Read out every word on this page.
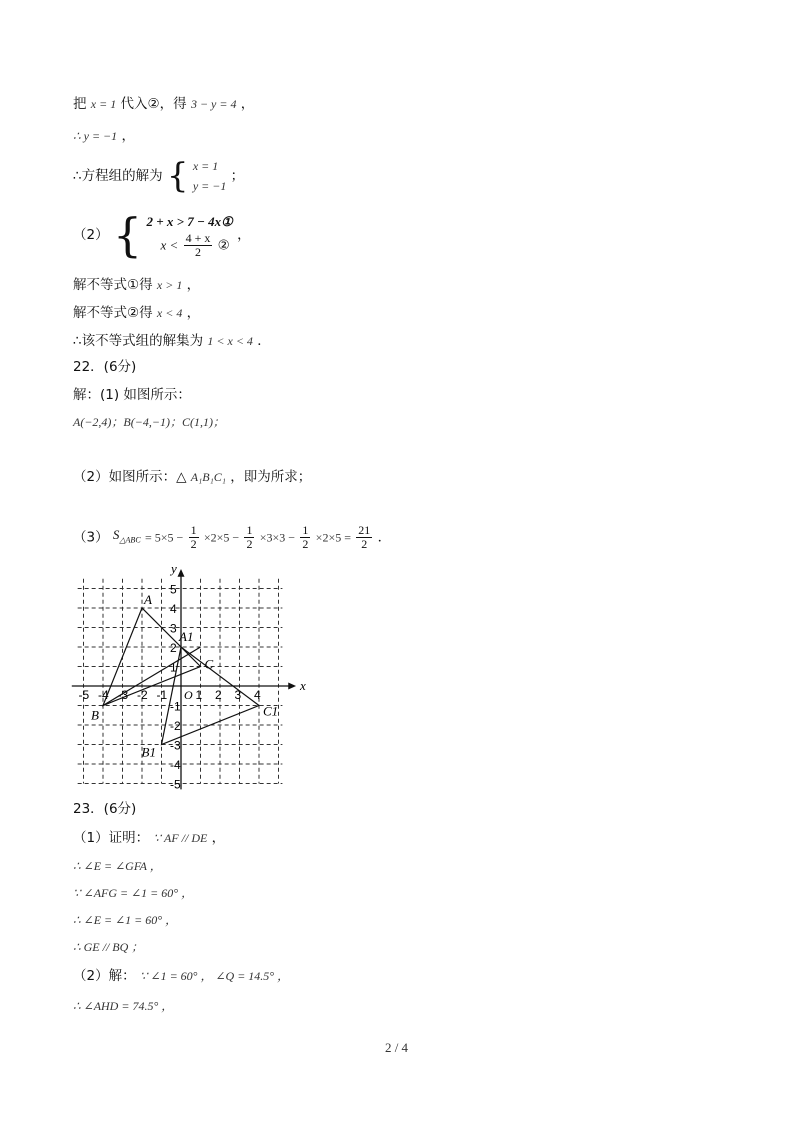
把 x = 1 代入②，得 3 − y = 4 ，
∴ y = −1 ，
∴方程组的解为 { x = 1
y = −1
；
（2） { 2 + x > 7 − 4x①
$x < \frac{4 + x}{2}$ ②
，
解不等式①得 x > 1 ，
解不等式②得 x < 4 ，
∴该不等式组的解集为 1 < x < 4 ．
22．(6分)
解：(1) 如图所示：
A(−2,4)；B(−4,−1)；C(1,1)；
（2）如图所示：△ A₁B₁C₁ ，即为所求；
（3） $S_{\triangle ABC} = 5\times 5 - \frac{1}{2} \times 2\times 5 - \frac{1}{2} \times 3\times 3 - \frac{1}{2} \times 2\times 5 = \frac{21}{2}$ ．
x
y
-5 -4 -3 -2 -1 1 2 3 4
5
4
3
2
1
-1
-2
-3
-4
-5
O
A
B
C
A1
B1
C1
23．(6分)
（1）证明： ∵ AF // DE ，
∴ ∠E = ∠GFA ，
∵ ∠AFG = ∠1 = 60° ，
∴ ∠E = ∠1 = 60° ，
∴ GE // BQ ；
（2）解： ∵ ∠1 = 60° ， ∠Q = 14.5° ，
∴ ∠AHD = 74.5° ，
2 / 4
